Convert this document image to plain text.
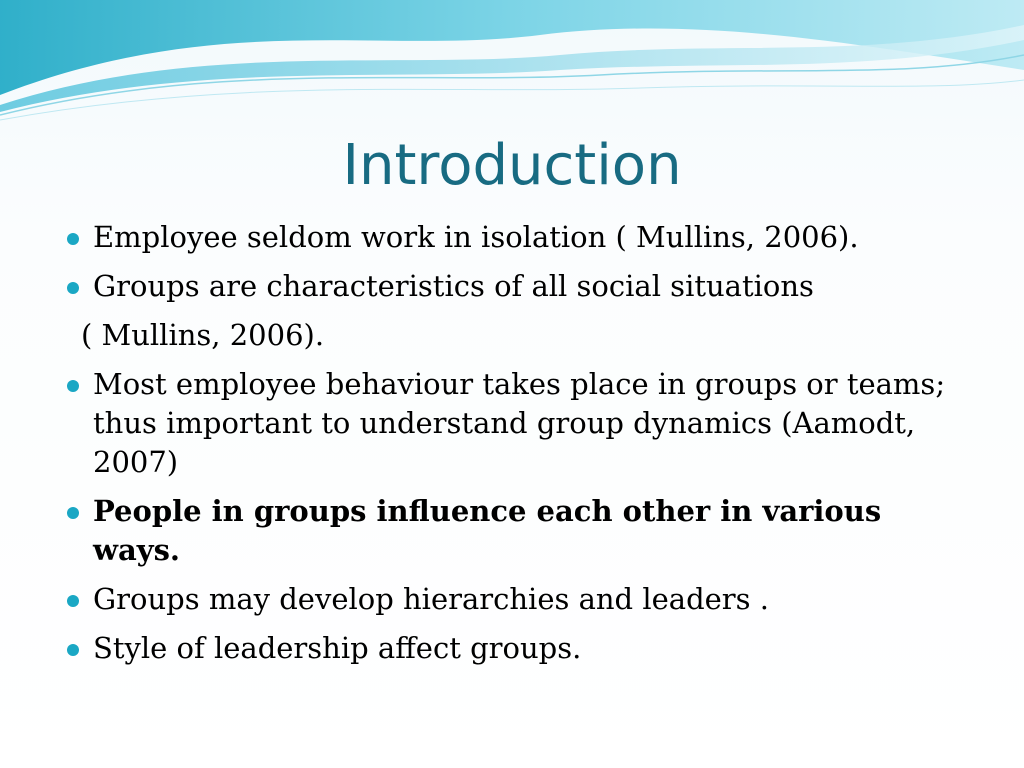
Introduction
Employee seldom work in isolation ( Mullins, 2006).
Groups are characteristics of all social situations
( Mullins, 2006).
Most employee behaviour takes place in groups or teams; thus important to understand group dynamics (Aamodt, 2007)
People in groups influence each other in various ways.
Groups may develop hierarchies and leaders .
Style of leadership affect groups.
